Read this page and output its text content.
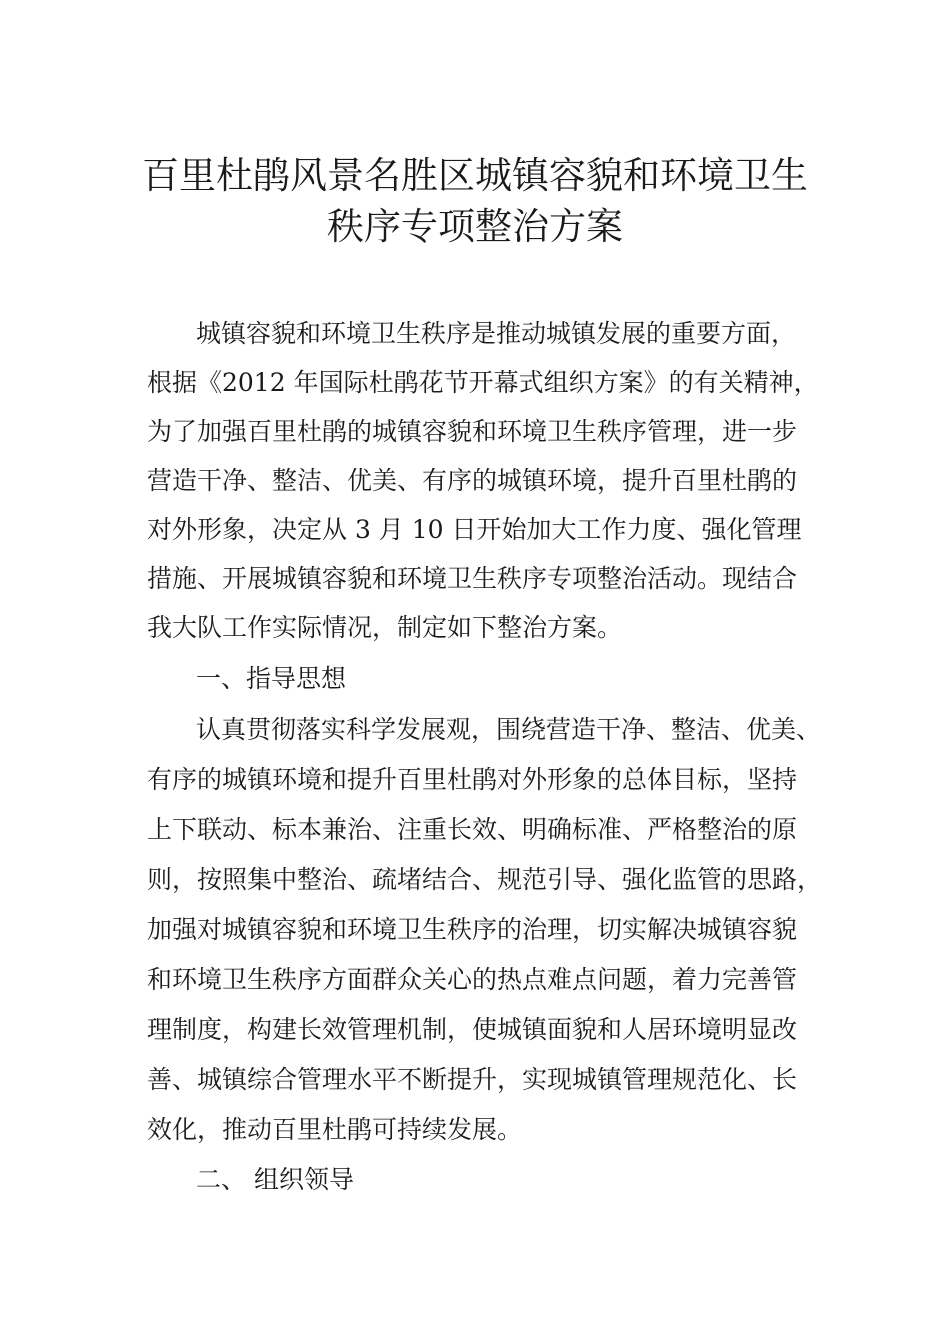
百里杜鹃风景名胜区城镇容貌和环境卫生
秩序专项整治方案

城镇容貌和环境卫生秩序是推动城镇发展的重要方面，

根据《2012 年国际杜鹃花节开幕式组织方案》的有关精神，

为了加强百里杜鹃的城镇容貌和环境卫生秩序管理，进一步

营造干净、整洁、优美、有序的城镇环境，提升百里杜鹃的

对外形象，决定从 3 月 10 日开始加大工作力度、强化管理

措施、开展城镇容貌和环境卫生秩序专项整治活动。现结合

我大队工作实际情况，制定如下整治方案。

一、指导思想

认真贯彻落实科学发展观，围绕营造干净、整洁、优美、

有序的城镇环境和提升百里杜鹃对外形象的总体目标，坚持

上下联动、标本兼治、注重长效、明确标准、严格整治的原

则，按照集中整治、疏堵结合、规范引导、强化监管的思路，

加强对城镇容貌和环境卫生秩序的治理，切实解决城镇容貌

和环境卫生秩序方面群众关心的热点难点问题，着力完善管

理制度，构建长效管理机制，使城镇面貌和人居环境明显改

善、城镇综合管理水平不断提升，实现城镇管理规范化、长

效化，推动百里杜鹃可持续发展。

二、 组织领导
